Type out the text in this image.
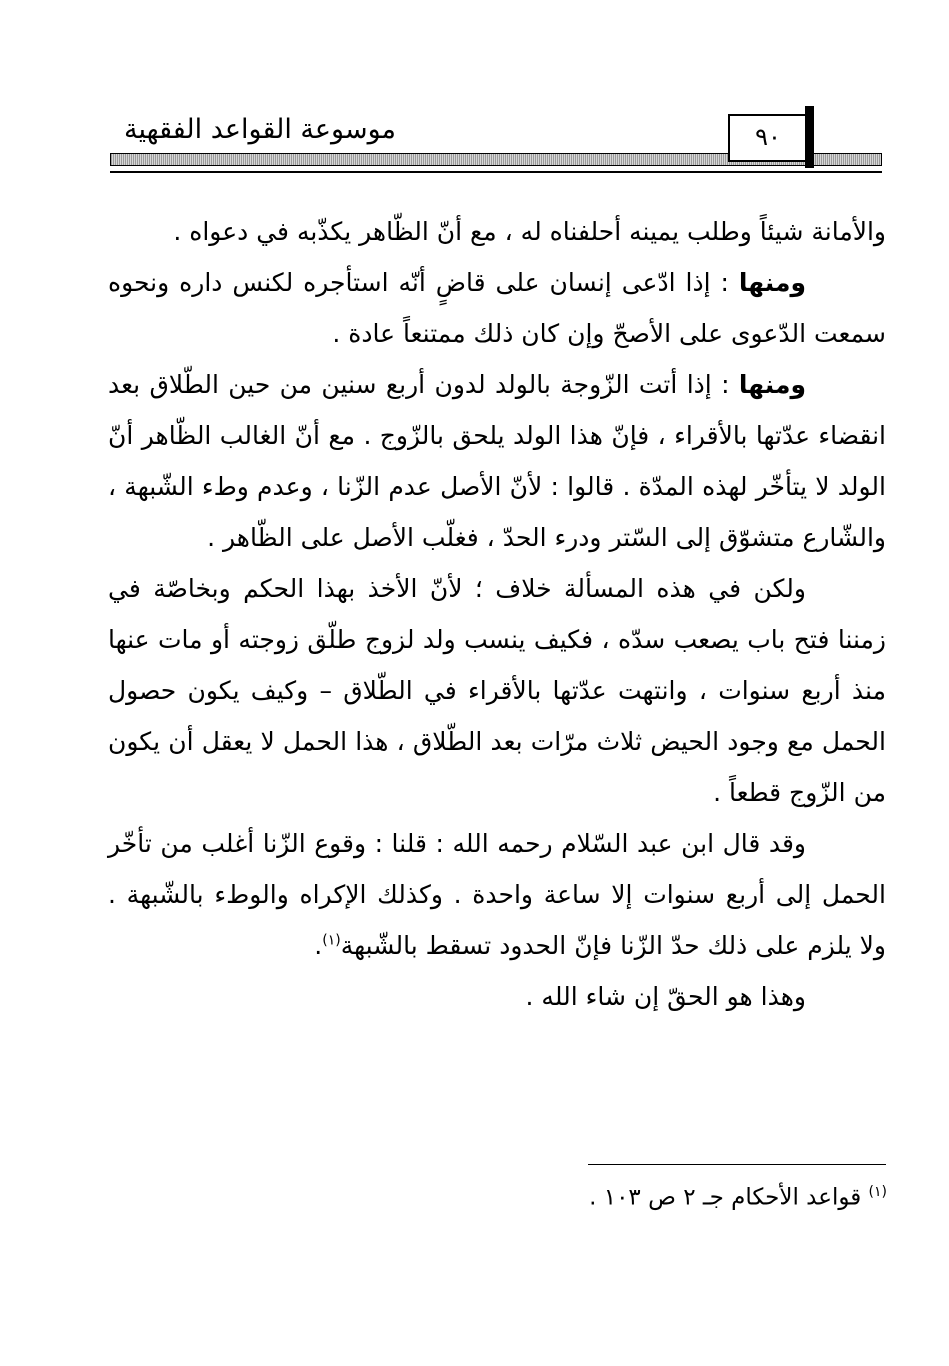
٩٠
موسوعة القواعد الفقهية

والأمانة شيئاً وطلب يمينه أحلفناه له ، مع أنّ الظّاهر يكذّبه في دعواه .

ومنها : إذا ادّعى إنسان على قاضٍ أنّه استأجره لكنس داره ونحوه سمعت الدّعوى على الأصحّ وإن كان ذلك ممتنعاً عادة .

ومنها : إذا أتت الزّوجة بالولد لدون أربع سنين من حين الطّلاق بعد انقضاء عدّتها بالأقراء ، فإنّ هذا الولد يلحق بالزّوج . مع أنّ الغالب الظّاهر أنّ الولد لا يتأخّر لهذه المدّة . قالوا : لأنّ الأصل عدم الزّنا ، وعدم وطء الشّبهة ، والشّارع متشوّق إلى السّتر ودرء الحدّ ، فغلّب الأصل على الظّاهر .

ولكن في هذه المسألة خلاف ؛ لأنّ الأخذ بهذا الحكم وبخاصّة في زمننا فتح باب يصعب سدّه ، فكيف ينسب ولد لزوج طلّق زوجته أو مات عنها منذ أربع سنوات ، وانتهت عدّتها بالأقراء في الطّلاق – وكيف يكون حصول الحمل مع وجود الحيض ثلاث مرّات بعد الطّلاق ، هذا الحمل لا يعقل أن يكون من الزّوج قطعاً .

وقد قال ابن عبد السّلام رحمه الله : قلنا : وقوع الزّنا أغلب من تأخّر الحمل إلى أربع سنوات إلا ساعة واحدة . وكذلك الإكراه والوطء بالشّبهة . ولا يلزم على ذلك حدّ الزّنا فإنّ الحدود تسقط بالشّبهة$^{(١)}$.

وهذا هو الحقّ إن شاء الله .

$^{(١)}$ قواعد الأحكام جـ ٢ ص ١٠٣ .
